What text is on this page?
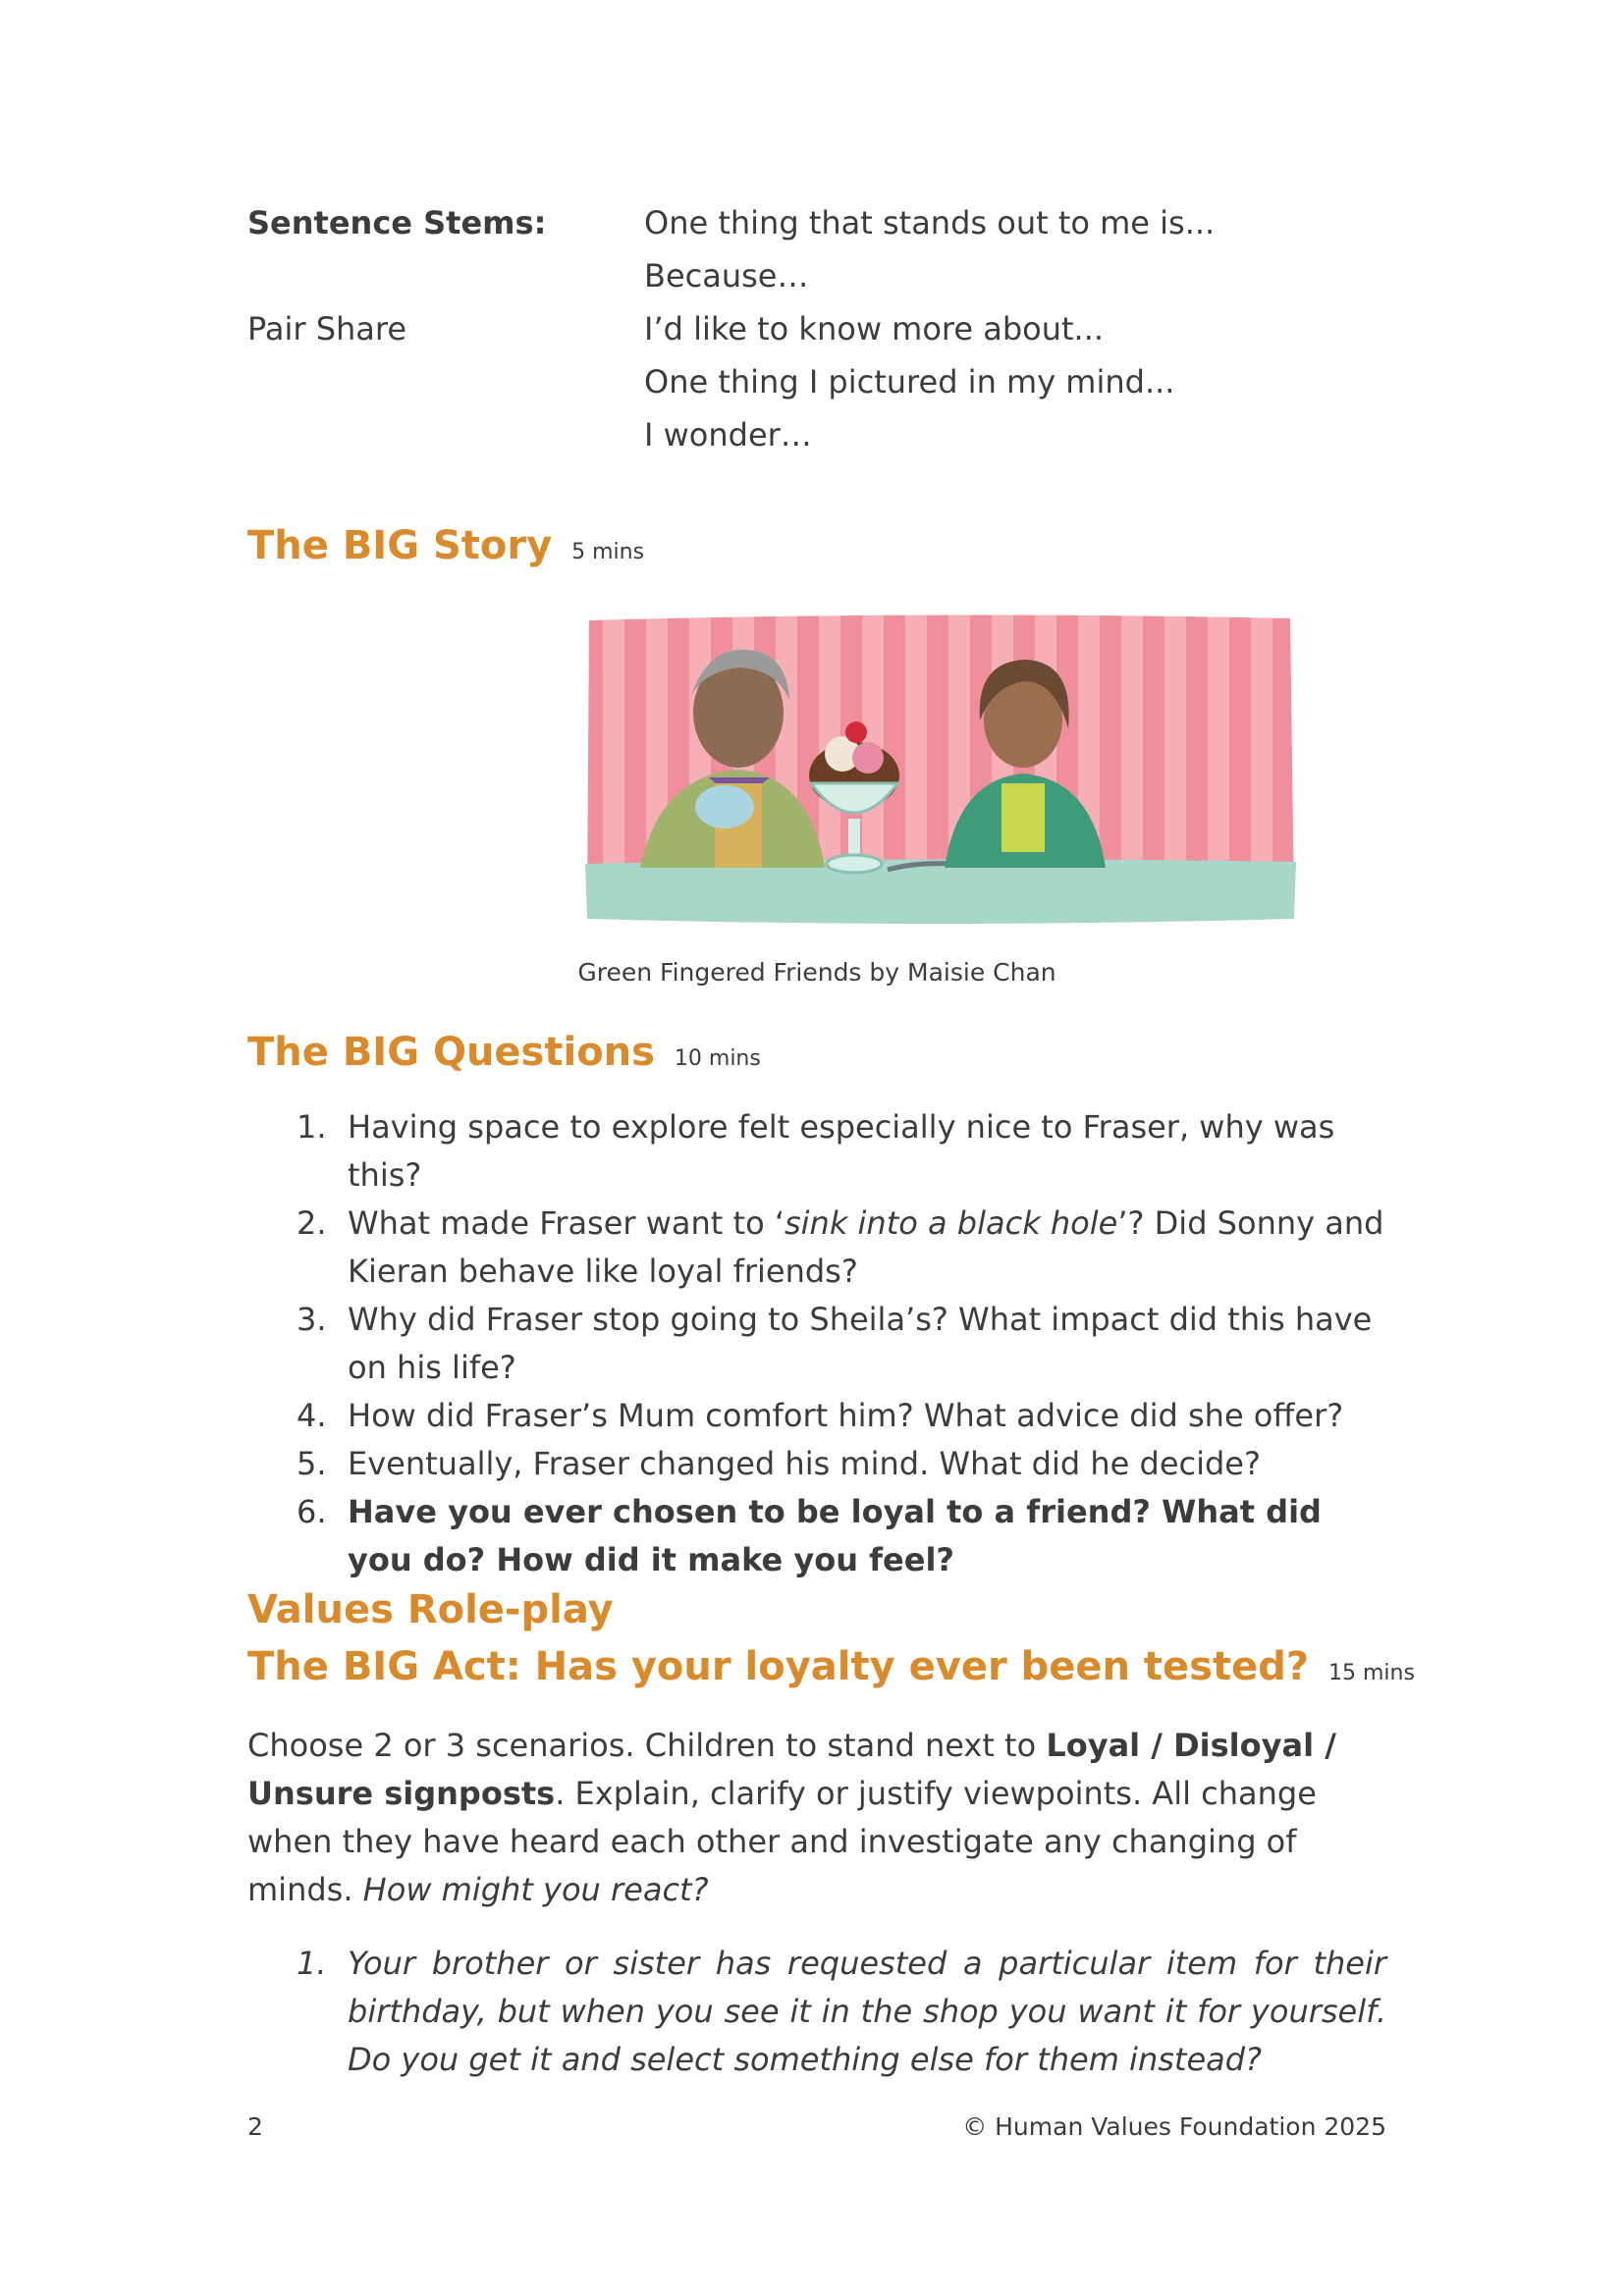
Sentence Stems:
Pair Share
One thing that stands out to me is...
Because…
I’d like to know more about...
One thing I pictured in my mind...
I wonder…
The BIG Story 5 mins
Green Fingered Friends by Maisie Chan
The BIG Questions 10 mins
1. Having space to explore felt especially nice to Fraser, why was this?
2. What made Fraser want to ‘sink into a black hole’? Did Sonny and Kieran behave like loyal friends?
3. Why did Fraser stop going to Sheila’s? What impact did this have on his life?
4. How did Fraser’s Mum comfort him? What advice did she offer?
5. Eventually, Fraser changed his mind. What did he decide?
6. Have you ever chosen to be loyal to a friend? What did you do? How did it make you feel?
Values Role-play
The BIG Act: Has your loyalty ever been tested? 15 mins

Choose 2 or 3 scenarios. Children to stand next to Loyal / Disloyal / Unsure signposts. Explain, clarify or justify viewpoints. All change when they have heard each other and investigate any changing of minds. How might you react?

1. Your brother or sister has requested a particular item for their birthday, but when you see it in the shop you want it for yourself. Do you get it and select something else for them instead?
2	© Human Values Foundation 2025
